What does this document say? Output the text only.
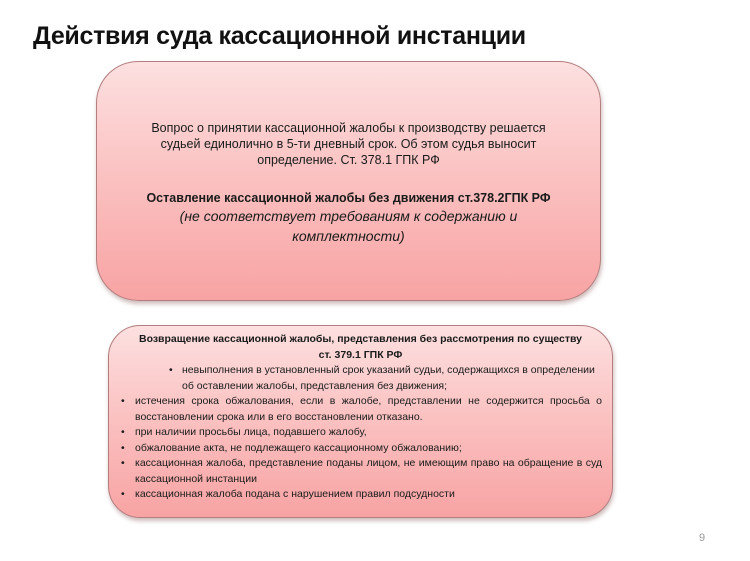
Действия суда кассационной инстанции
Вопрос о принятии кассационной жалобы к производству решается
судьей единолично в 5-ти дневный срок. Об этом судья выносит
определение. Ст. 378.1 ГПК РФ
Оставление кассационной жалобы без движения ст.378.2ГПК РФ
(не соответствует требованиям к содержанию и
комплектности)
Возвращение кассационной жалобы, представления без рассмотрения по существу
ст. 379.1 ГПК РФ
• невыполнения в установленный срок указаний судьи, содержащихся в определении об оставлении жалобы, представления без движения;
• истечения срока обжалования, если в жалобе, представлении не содержится просьба о восстановлении срока или в его восстановлении отказано.
• при наличии просьбы лица, подавшего жалобу,
• обжалование акта, не подлежащего кассационному обжалованию;
• кассационная жалоба, представление поданы лицом, не имеющим право на обращение в суд кассационной инстанции
• кассационная жалоба подана с нарушением правил подсудности
9
